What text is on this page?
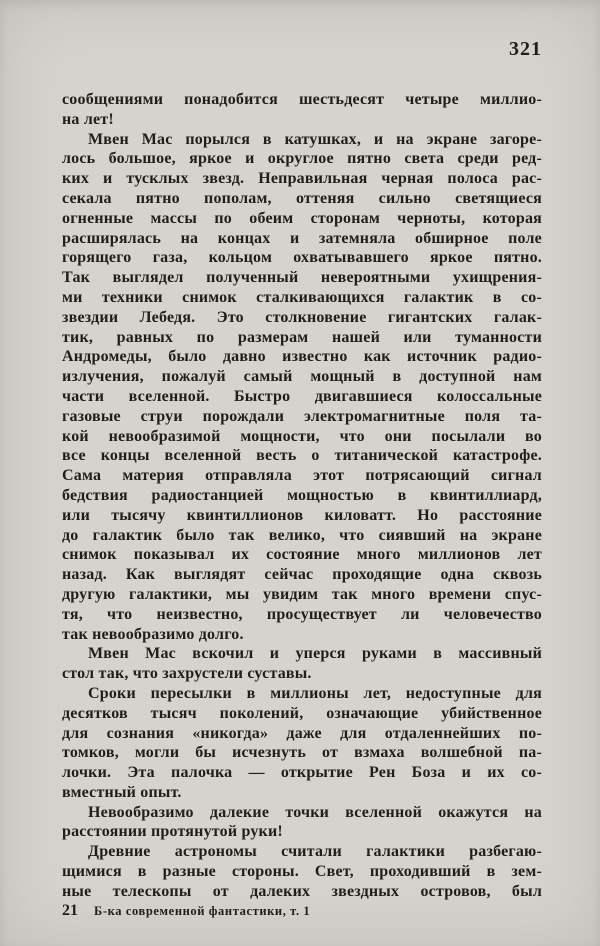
321
сообщениями понадобится шестьдесят четыре миллио-
на лет!
Мвен Мас порылся в катушках, и на экране загоре-
лось большое, яркое и округлое пятно света среди ред-
ких и тусклых звезд. Неправильная черная полоса рас-
секала пятно пополам, оттеняя сильно светящиеся
огненные массы по обеим сторонам черноты, которая
расширялась на концах и затемняла обширное поле
горящего газа, кольцом охватывавшего яркое пятно.
Так выглядел полученный невероятными ухищрения-
ми техники снимок сталкивающихся галактик в со-
звездии Лебедя. Это столкновение гигантских галак-
тик, равных по размерам нашей или туманности
Андромеды, было давно известно как источник радио-
излучения, пожалуй самый мощный в доступной нам
части вселенной. Быстро двигавшиеся колоссальные
газовые струи порождали электромагнитные поля та-
кой невообразимой мощности, что они посылали во
все концы вселенной весть о титанической катастрофе.
Сама материя отправляла этот потрясающий сигнал
бедствия радиостанцией мощностью в квинтиллиард,
или тысячу квинтиллионов киловатт. Но расстояние
до галактик было так велико, что сиявший на экране
снимок показывал их состояние много миллионов лет
назад. Как выглядят сейчас проходящие одна сквозь
другую галактики, мы увидим так много времени спус-
тя, что неизвестно, просуществует ли человечество
так невообразимо долго.
Мвен Мас вскочил и уперся руками в массивный
стол так, что захрустели суставы.
Сроки пересылки в миллионы лет, недоступные для
десятков тысяч поколений, означающие убийственное
для сознания «никогда» даже для отдаленнейших по-
томков, могли бы исчезнуть от взмаха волшебной па-
лочки. Эта палочка — открытие Рен Боза и их со-
вместный опыт.
Невообразимо далекие точки вселенной окажутся на
расстоянии протянутой руки!
Древние астрономы считали галактики разбегаю-
щимися в разные стороны. Свет, проходивший в зем-
ные телескопы от далеких звездных островов, был
21 Б-ка современной фантастики, т. 1
